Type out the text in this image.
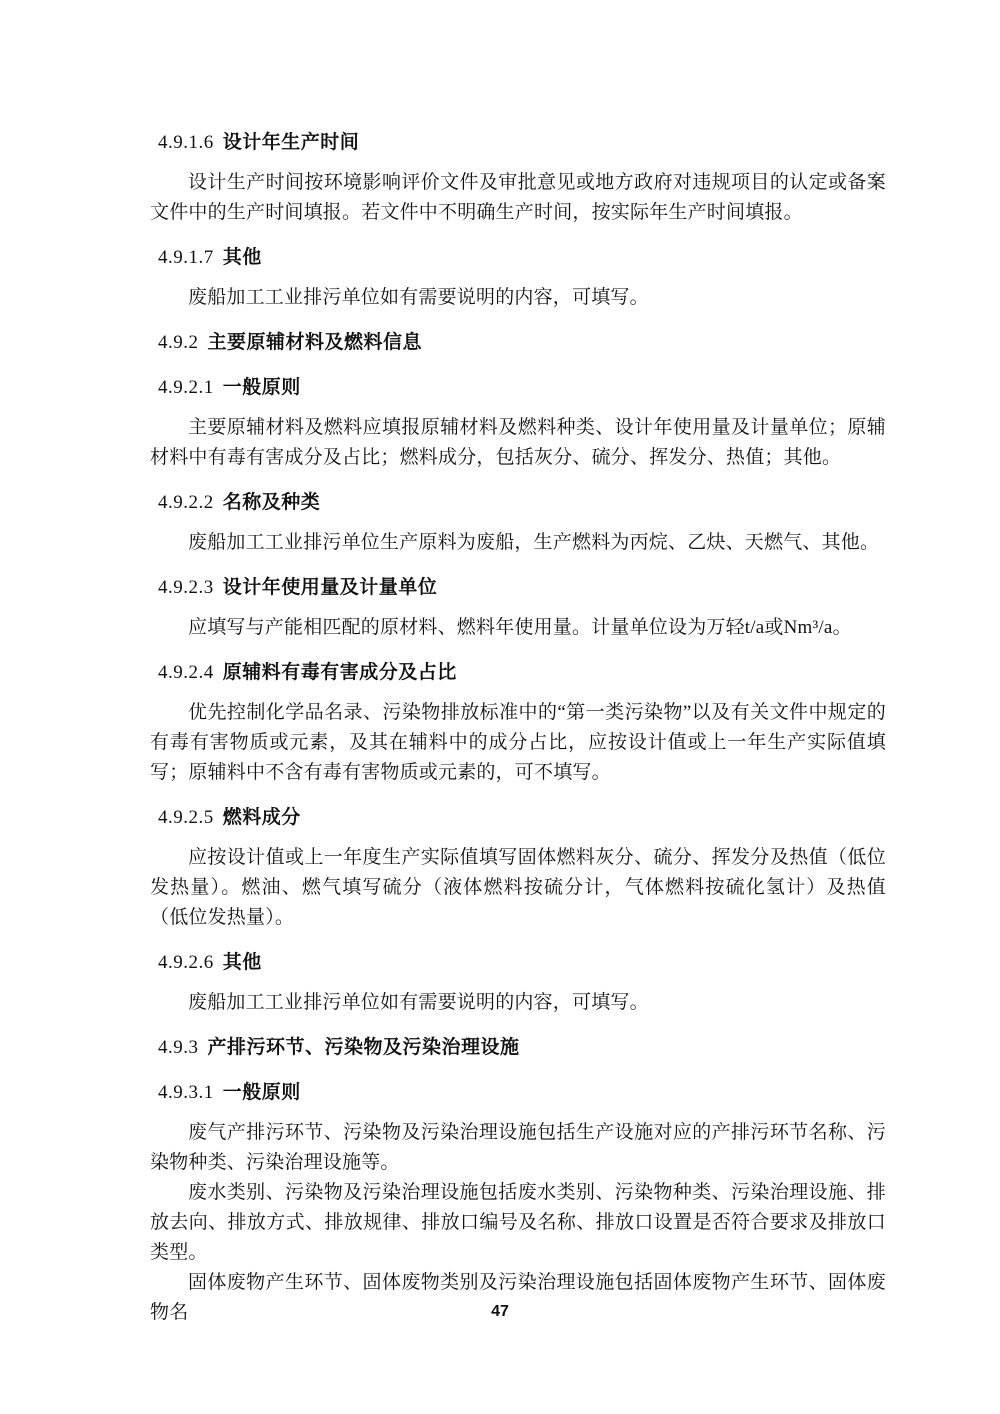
4.9.1.6 设计年生产时间

设计生产时间按环境影响评价文件及审批意见或地方政府对违规项目的认定或备案文件中的生产时间填报。若文件中不明确生产时间，按实际年生产时间填报。

4.9.1.7 其他

废船加工工业排污单位如有需要说明的内容，可填写。

4.9.2 主要原辅材料及燃料信息
4.9.2.1 一般原则

主要原辅材料及燃料应填报原辅材料及燃料种类、设计年使用量及计量单位；原辅材料中有毒有害成分及占比；燃料成分，包括灰分、硫分、挥发分、热值；其他。

4.9.2.2 名称及种类

废船加工工业排污单位生产原料为废船，生产燃料为丙烷、乙炔、天燃气、其他。

4.9.2.3 设计年使用量及计量单位

应填写与产能相匹配的原材料、燃料年使用量。计量单位设为万轻t/a或Nm³/a。

4.9.2.4 原辅料有毒有害成分及占比

优先控制化学品名录、污染物排放标准中的“第一类污染物”以及有关文件中规定的有毒有害物质或元素，及其在辅料中的成分占比，应按设计值或上一年生产实际值填写；原辅料中不含有毒有害物质或元素的，可不填写。

4.9.2.5 燃料成分

应按设计值或上一年度生产实际值填写固体燃料灰分、硫分、挥发分及热值（低位发热量）。燃油、燃气填写硫分（液体燃料按硫分计，气体燃料按硫化氢计）及热值（低位发热量）。

4.9.2.6 其他

废船加工工业排污单位如有需要说明的内容，可填写。

4.9.3 产排污环节、污染物及污染治理设施
4.9.3.1 一般原则

废气产排污环节、污染物及污染治理设施包括生产设施对应的产排污环节名称、污染物种类、污染治理设施等。

废水类别、污染物及污染治理设施包括废水类别、污染物种类、污染治理设施、排放去向、排放方式、排放规律、排放口编号及名称、排放口设置是否符合要求及排放口类型。

固体废物产生环节、固体废物类别及污染治理设施包括固体废物产生环节、固体废物名	47
